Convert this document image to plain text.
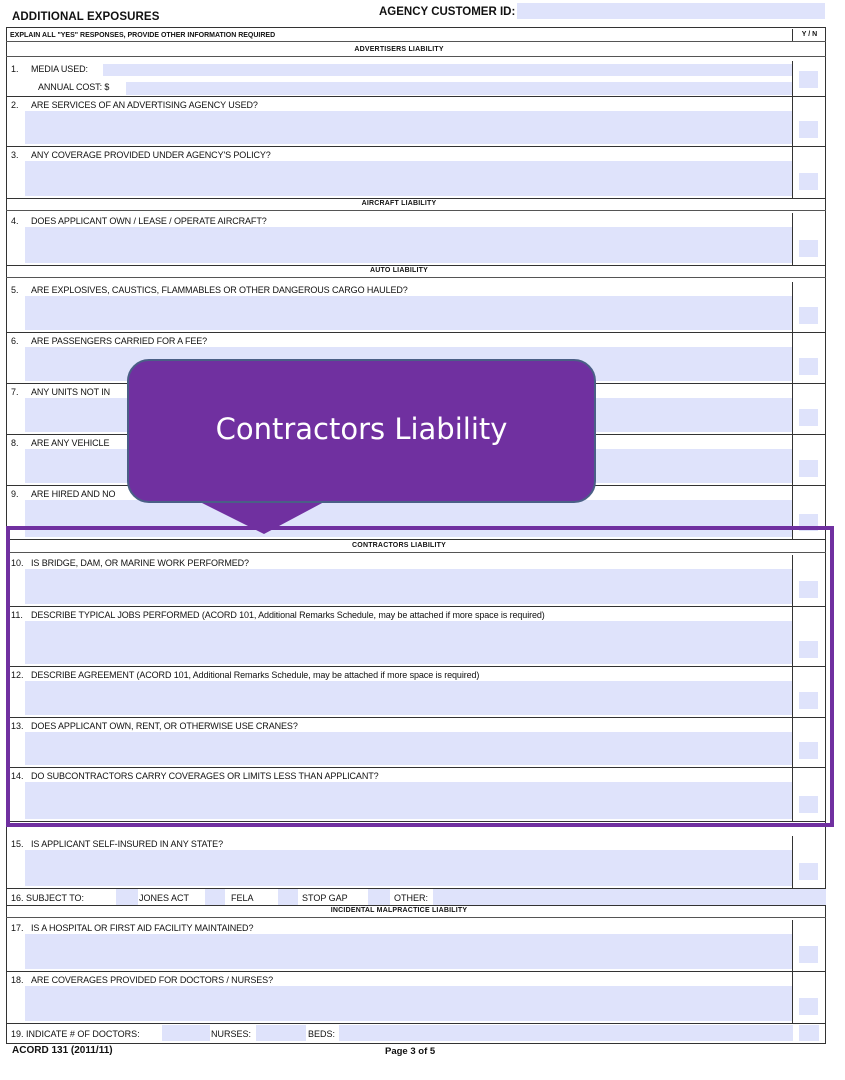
ADDITIONAL EXPOSURES	AGENCY CUSTOMER ID:
EXPLAIN ALL "YES" RESPONSES, PROVIDE OTHER INFORMATION REQUIRED	Y / N
ADVERTISERS LIABILITY
1. MEDIA USED:
ANNUAL COST: $
2. ARE SERVICES OF AN ADVERTISING AGENCY USED?
3. ANY COVERAGE PROVIDED UNDER AGENCY'S POLICY?
AIRCRAFT LIABILITY
4. DOES APPLICANT OWN / LEASE / OPERATE AIRCRAFT?
AUTO LIABILITY
5. ARE EXPLOSIVES, CAUSTICS, FLAMMABLES OR OTHER DANGEROUS CARGO HAULED?
6. ARE PASSENGERS CARRIED FOR A FEE?
7. ANY UNITS NOT IN
8. ARE ANY VEHICLE
9. ARE HIRED AND NO
CONTRACTORS LIABILITY
10. IS BRIDGE, DAM, OR MARINE WORK PERFORMED?
11. DESCRIBE TYPICAL JOBS PERFORMED (ACORD 101, Additional Remarks Schedule, may be attached if more space is required)
12. DESCRIBE AGREEMENT (ACORD 101, Additional Remarks Schedule, may be attached if more space is required)
13. DOES APPLICANT OWN, RENT, OR OTHERWISE USE CRANES?
14. DO SUBCONTRACTORS CARRY COVERAGES OR LIMITS LESS THAN APPLICANT?
15. IS APPLICANT SELF-INSURED IN ANY STATE?
16. SUBJECT TO:	JONES ACT	FELA	STOP GAP	OTHER:
INCIDENTAL MALPRACTICE LIABILITY
17. IS A HOSPITAL OR FIRST AID FACILITY MAINTAINED?
18. ARE COVERAGES PROVIDED FOR DOCTORS / NURSES?
19. INDICATE # OF DOCTORS:	NURSES:	BEDS:
ACORD 131 (2011/11)	Page 3 of 5
Contractors Liability
